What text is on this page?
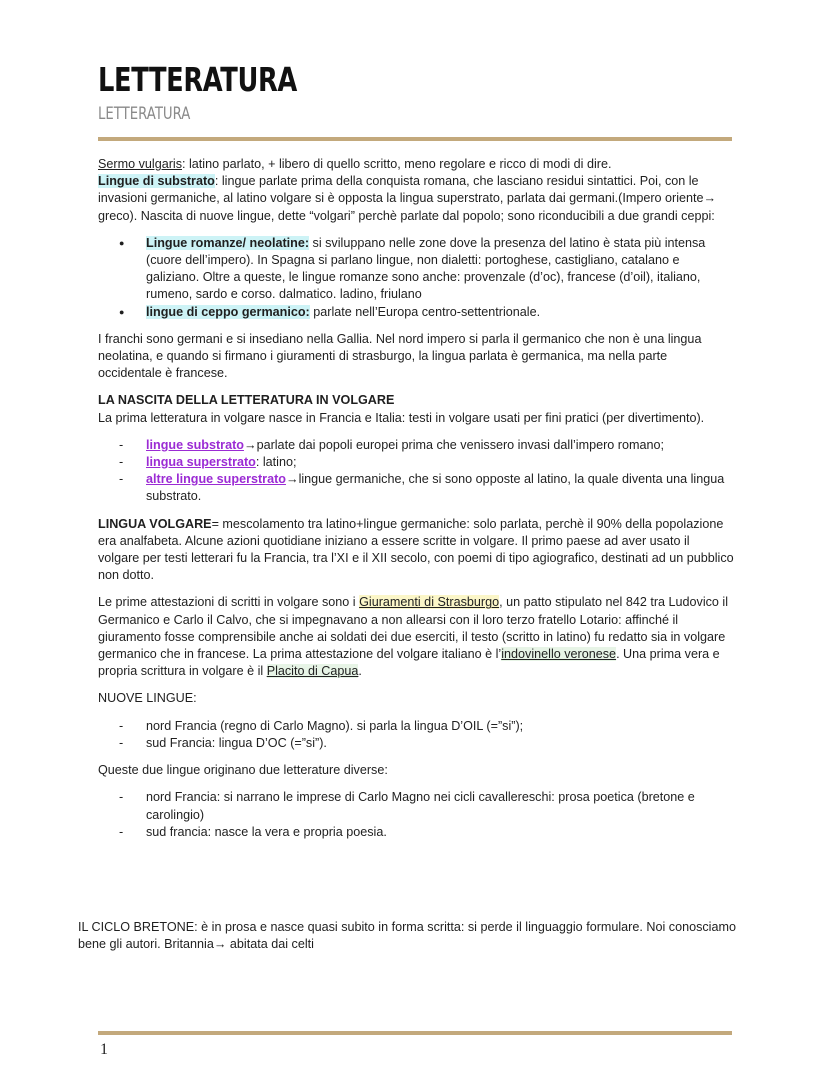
LETTERATURA
LETTERATURA

Sermo vulgaris: latino parlato, + libero di quello scritto, meno regolare e ricco di modi di dire.

Lingue di substrato: lingue parlate prima della conquista romana, che lasciano residui sintattici. Poi, con le invasioni germaniche, al latino volgare si è opposta la lingua superstrato, parlata dai germani.(Impero oriente→ greco). Nascita di nuove lingue, dette “volgari” perchè parlate dal popolo; sono riconducibili a due grandi ceppi:

● Lingue romanze/ neolatine: si sviluppano nelle zone dove la presenza del latino è stata più intensa (cuore dell’impero). In Spagna si parlano lingue, non dialetti: portoghese, castigliano, catalano e galiziano. Oltre a queste, le lingue romanze sono anche: provenzale (d’oc), francese (d’oil), italiano, rumeno, sardo e corso. dalmatico. ladino, friulano
● lingue di ceppo germanico: parlate nell’Europa centro-settentrionale.

I franchi sono germani e si insediano nella Gallia. Nel nord impero si parla il germanico che non è una lingua neolatina, e quando si firmano i giuramenti di strasburgo, la lingua parlata è germanica, ma nella parte occidentale è francese.

LA NASCITA DELLA LETTERATURA IN VOLGARE

La prima letteratura in volgare nasce in Francia e Italia: testi in volgare usati per fini pratici (per divertimento).

- lingue substrato→parlate dai popoli europei prima che venissero invasi dall’impero romano;
- lingua superstrato: latino;
- altre lingue superstrato→lingue germaniche, che si sono opposte al latino, la quale diventa una lingua substrato.

LINGUA VOLGARE= mescolamento tra latino+lingue germaniche: solo parlata, perchè il 90% della popolazione era analfabeta. Alcune azioni quotidiane iniziano a essere scritte in volgare. Il primo paese ad aver usato il volgare per testi letterari fu la Francia, tra l’XI e il XII secolo, con poemi di tipo agiografico, destinati ad un pubblico non dotto.

Le prime attestazioni di scritti in volgare sono i Giuramenti di Strasburgo, un patto stipulato nel 842 tra Ludovico il Germanico e Carlo il Calvo, che si impegnavano a non allearsi con il loro terzo fratello Lotario: affinché il giuramento fosse comprensibile anche ai soldati dei due eserciti, il testo (scritto in latino) fu redatto sia in volgare germanico che in francese. La prima attestazione del volgare italiano è l’indovinello veronese. Una prima vera e propria scrittura in volgare è il Placito di Capua.

NUOVE LINGUE:

- nord Francia (regno di Carlo Magno). si parla la lingua D’OIL (=”si”);
- sud Francia: lingua D’OC (=”si”).

Queste due lingue originano due letterature diverse:

- nord Francia: si narrano le imprese di Carlo Magno nei cicli cavallereschi: prosa poetica (bretone e carolingio)
- sud francia: nasce la vera e propria poesia.

IL CICLO BRETONE: è in prosa e nasce quasi subito in forma scritta: si perde il linguaggio formulare. Noi conosciamo bene gli autori. Britannia→ abitata dai celti

1
